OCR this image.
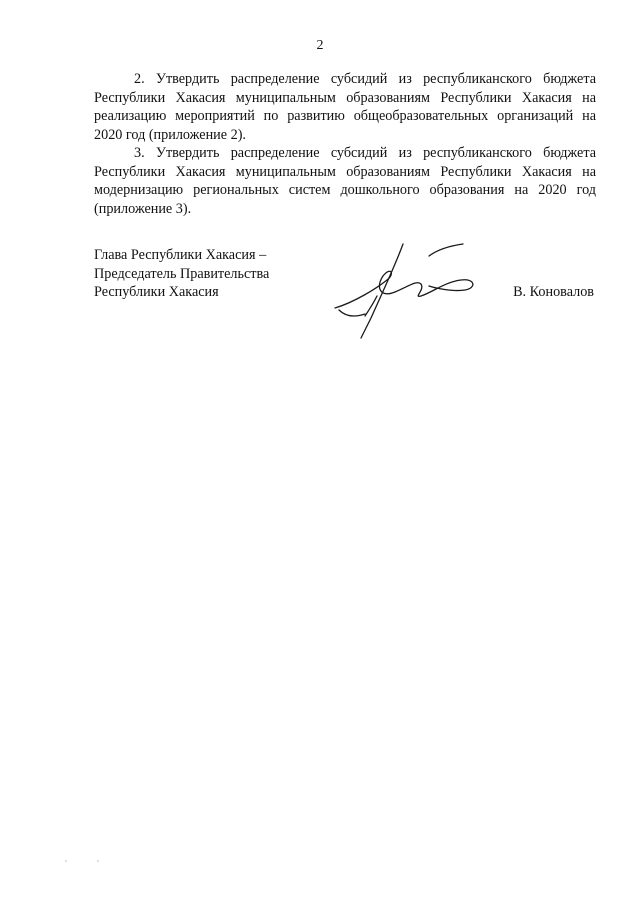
2

2. Утвердить распределение субсидий из республиканского бюджета Республики Хакасия муниципальным образованиям Республики Хакасия на реализацию мероприятий по развитию общеобразовательных организаций на 2020 год (приложение 2).

3. Утвердить распределение субсидий из республиканского бюджета Республики Хакасия муниципальным образованиям Республики Хакасия на модернизацию региональных систем дошкольного образования на 2020 год (приложение 3).

Глава Республики Хакасия –
Председатель Правительства
Республики Хакасия	В. Коновалов
